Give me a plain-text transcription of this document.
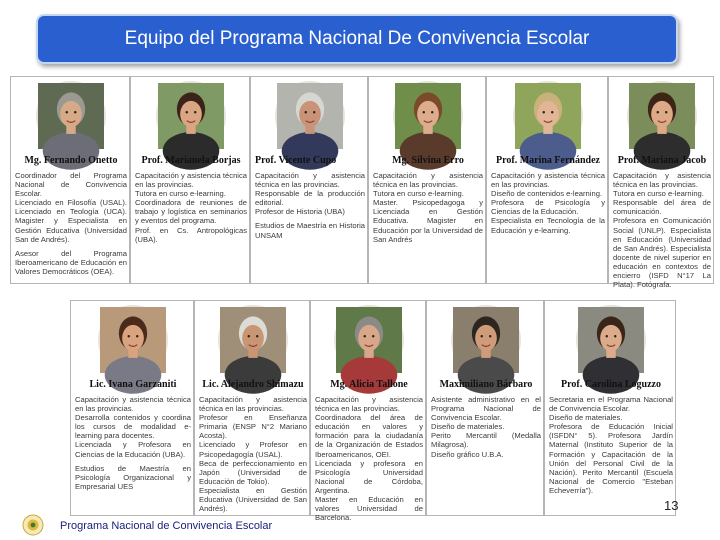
Equipo del Programa Nacional De Convivencia Escolar
Mg. Fernando Onetto
Coordinador del Programa Nacional de Convivencia Escolar.
Licenciado en Filosofía (USAL). Licenciado en Teología (UCA). Magister y Especialista en Gestión Educativa (Universidad San de Andrés).
Asesor del Programa Iberoamericano de Educación en Valores Democráticos (OEA).
Prof. Marianela Borjas
Capacitación y asistencia técnica en las provincias.
Tutora en curso e-learning.
Coordinadora de reuniones de trabajo y logística en seminarios y eventos del programa.
Prof. en Cs. Antropológicas (UBA).
Prof. Vicente Cupo
Capacitación y asistencia técnica en las provincias.
Responsable de la producción editorial.
Profesor de Historia (UBA)
Estudios de Maestría en Historia UNSAM
Mg. Silvina Erro
Capacitación y asistencia técnica en las provincias.
Tutora en curso e-learning.
Master. Psicopedagoga y Licenciada en Gestión Educativa. Magister en Educación por la Universidad de San Andrés
Prof. Marina Fernández
Capacitación y asistencia técnica en las provincias.
Diseño de contenidos e-learning.
Profesora de Psicología y Ciencias de la Educación.
Especialista en Tecnología de la Educación y e-learning.
Prof. Mariana Jacob
Capacitación y asistencia técnica en las provincias.
Tutora en curso e-learning.
Responsable del área de comunicación.
Profesora en Comunicación Social (UNLP). Especialista en Educación (Universidad de San Andrés). Especialista docente de nivel superior en educación en contextos de encierro (ISFD N°17 La Plata). Fotógrafa.
Lic. Ivana Garzaniti
Capacitación y asistencia técnica en las provincias.
Desarrolla contenidos y coordina los cursos de modalidad e-learning para docentes.
Licenciada y Profesora en Ciencias de la Educación (UBA).
Estudios de Maestría en Psicología Organizacional y Empresarial UES
Lic. Alejandro Shimazu
Capacitación y asistencia técnica en las provincias.
Profesor en Enseñanza Primaria (ENSP N°2 Mariano Acosta).
Licenciado y Profesor en Psicopedagogía (USAL).
Beca de perfeccionamiento en Japón (Universidad de Educación de Tokio).
Especialista en Gestión Educativa (Universidad de San Andrés).
Mg. Alicia Tallone
Capacitación y asistencia técnica en las provincias.
Coordinadora del área de educación en valores y formación para la ciudadanía de la Organización de Estados Iberoamericanos, OEI.
Licenciada y profesora en Psicología Universidad Nacional de Córdoba, Argentina.
Master en Educación en valores Universidad de Barcelona.
Maximiliano Bárbaro
Asistente administrativo en el Programa Nacional de Convivencia Escolar.
Diseño de materiales.
Perito Mercantil (Medalla Milagrosa).
Diseño gráfico U.B.A.
Prof. Carolina Loguzzo
Secretaria en el Programa Nacional de Convivencia Escolar.
Diseño de materiales.
Profesora de Educación Inicial (ISFDN° 5). Profesora Jardín Maternal (Instituto Superior de la Formación y Capacitación de la Unión del Personal Civil de la Nación). Perito Mercantil (Escuela Nacional de Comercio "Esteban Echeverría").
Programa Nacional de Convivencia Escolar
13
